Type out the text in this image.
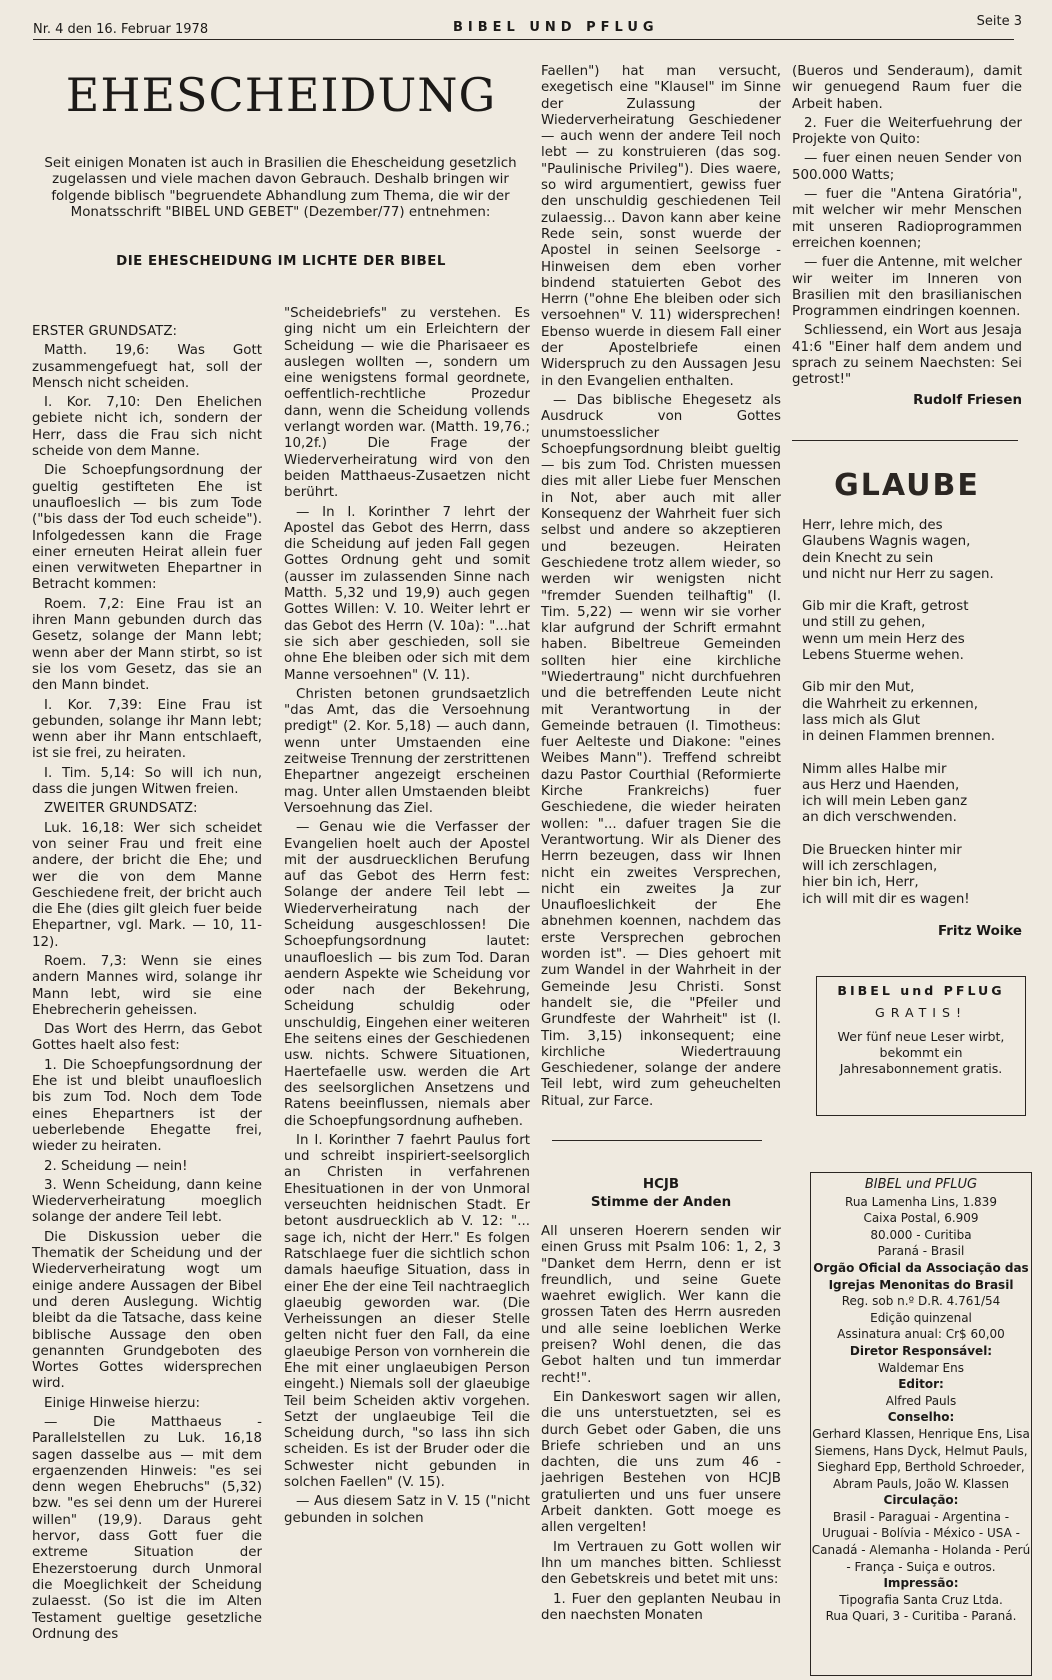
Nr. 4 den 16. Februar 1978	BIBEL UND PFLUG	Seite 3
EHESCHEIDUNG
Seit einigen Monaten ist auch in Brasilien die Ehescheidung gesetzlich zugelassen und viele machen davon Gebrauch. Deshalb bringen wir folgende biblisch "begruendete Abhandlung zum Thema, die wir der Monatsschrift "BIBEL UND GEBET" (Dezember/77) entnehmen:
DIE EHESCHEIDUNG IM LICHTE DER BIBEL

ERSTER GRUNDSATZ:

Matth. 19,6: Was Gott zusammengefuegt hat, soll der Mensch nicht scheiden.

I. Kor. 7,10: Den Ehelichen gebiete nicht ich, sondern der Herr, dass die Frau sich nicht scheide von dem Manne.

Die Schoepfungsordnung der gueltig gestifteten Ehe ist unaufloeslich — bis zum Tode ("bis dass der Tod euch scheide"). Infolgedessen kann die Frage einer erneuten Heirat allein fuer einen verwitweten Ehepartner in Betracht kommen:

Roem. 7,2: Eine Frau ist an ihren Mann gebunden durch das Gesetz, solange der Mann lebt; wenn aber der Mann stirbt, so ist sie los vom Gesetz, das sie an den Mann bindet.

I. Kor. 7,39: Eine Frau ist gebunden, solange ihr Mann lebt; wenn aber ihr Mann entschlaeft, ist sie frei, zu heiraten.

I. Tim. 5,14: So will ich nun, dass die jungen Witwen freien.

ZWEITER GRUNDSATZ:

Luk. 16,18: Wer sich scheidet von seiner Frau und freit eine andere, der bricht die Ehe; und wer die von dem Manne Geschiedene freit, der bricht auch die Ehe (dies gilt gleich fuer beide Ehepartner, vgl. Mark. — 10, 11-12).

Roem. 7,3: Wenn sie eines andern Mannes wird, solange ihr Mann lebt, wird sie eine Ehebrecherin geheissen.

Das Wort des Herrn, das Gebot Gottes haelt also fest:

1. Die Schoepfungsordnung der Ehe ist und bleibt unaufloeslich bis zum Tod. Noch dem Tode eines Ehepartners ist der ueberlebende Ehegatte frei, wieder zu heiraten.

2. Scheidung — nein!

3. Wenn Scheidung, dann keine Wiederverheiratung moeglich solange der andere Teil lebt.

Die Diskussion ueber die Thematik der Scheidung und der Wiederverheiratung wogt um einige andere Aussagen der Bibel und deren Auslegung. Wichtig bleibt da die Tatsache, dass keine biblische Aussage den oben genannten Grundgeboten des Wortes Gottes widersprechen wird.

Einige Hinweise hierzu:

— Die Matthaeus - Parallelstellen zu Luk. 16,18 sagen dasselbe aus — mit dem ergaenzenden Hinweis: "es sei denn wegen Ehebruchs" (5,32) bzw. "es sei denn um der Hurerei willen" (19,9). Daraus geht hervor, dass Gott fuer die extreme Situation der Ehezerstoerung durch Unmoral die Moeglichkeit der Scheidung zulaesst. (So ist die im Alten Testament gueltige gesetzliche Ordnung des

"Scheidebriefs" zu verstehen. Es ging nicht um ein Erleichtern der Scheidung — wie die Pharisaeer es auslegen wollten —, sondern um eine wenigstens formal geordnete, oeffentlich-rechtliche Prozedur dann, wenn die Scheidung vollends verlangt worden war. (Matth. 19,76.; 10,2f.) Die Frage der Wiederverheiratung wird von den beiden Matthaeus-Zusaetzen nicht berührt.

— In I. Korinther 7 lehrt der Apostel das Gebot des Herrn, dass die Scheidung auf jeden Fall gegen Gottes Ordnung geht und somit (ausser im zulassenden Sinne nach Matth. 5,32 und 19,9) auch gegen Gottes Willen: V. 10. Weiter lehrt er das Gebot des Herrn (V. 10a): "...hat sie sich aber geschieden, soll sie ohne Ehe bleiben oder sich mit dem Manne versoehnen" (V. 11).

Christen betonen grundsaetzlich "das Amt, das die Versoehnung predigt" (2. Kor. 5,18) — auch dann, wenn unter Umstaenden eine zeitweise Trennung der zerstrittenen Ehepartner angezeigt erscheinen mag. Unter allen Umstaenden bleibt Versoehnung das Ziel.

— Genau wie die Verfasser der Evangelien hoelt auch der Apostel mit der ausdruecklichen Berufung auf das Gebot des Herrn fest: Solange der andere Teil lebt — Wiederverheiratung nach der Scheidung ausgeschlossen! Die Schoepfungsordnung lautet: unaufloeslich — bis zum Tod. Daran aendern Aspekte wie Scheidung vor oder nach der Bekehrung, Scheidung schuldig oder unschuldig, Eingehen einer weiteren Ehe seitens eines der Geschiedenen usw. nichts. Schwere Situationen, Haertefaelle usw. werden die Art des seelsorglichen Ansetzens und Ratens beeinflussen, niemals aber die Schoepfungsordnung aufheben.

In I. Korinther 7 faehrt Paulus fort und schreibt inspiriert-seelsorglich an Christen in verfahrenen Ehesituationen in der von Unmoral verseuchten heidnischen Stadt. Er betont ausdruecklich ab V. 12: "... sage ich, nicht der Herr." Es folgen Ratschlaege fuer die sichtlich schon damals haeufige Situation, dass in einer Ehe der eine Teil nachtraeglich glaeubig geworden war. (Die Verheissungen an dieser Stelle gelten nicht fuer den Fall, da eine glaeubige Person von vornherein die Ehe mit einer unglaeubigen Person eingeht.) Niemals soll der glaeubige Teil beim Scheiden aktiv vorgehen. Setzt der unglaeubige Teil die Scheidung durch, "so lass ihn sich scheiden. Es ist der Bruder oder die Schwester nicht gebunden in solchen Faellen" (V. 15).

— Aus diesem Satz in V. 15 ("nicht gebunden in solchen

Faellen") hat man versucht, exegetisch eine "Klausel" im Sinne der Zulassung der Wiederverheiratung Geschiedener — auch wenn der andere Teil noch lebt — zu konstruieren (das sog. "Paulinische Privileg"). Dies waere, so wird argumentiert, gewiss fuer den unschuldig geschiedenen Teil zulaessig... Davon kann aber keine Rede sein, sonst wuerde der Apostel in seinen Seelsorge - Hinweisen dem eben vorher bindend statuierten Gebot des Herrn ("ohne Ehe bleiben oder sich versoehnen" V. 11) widersprechen! Ebenso wuerde in diesem Fall einer der Apostelbriefe einen Widerspruch zu den Aussagen Jesu in den Evangelien enthalten.

— Das biblische Ehegesetz als Ausdruck von Gottes unumstoesslicher Schoepfungsordnung bleibt gueltig — bis zum Tod. Christen muessen dies mit aller Liebe fuer Menschen in Not, aber auch mit aller Konsequenz der Wahrheit fuer sich selbst und andere so akzeptieren und bezeugen. Heiraten Geschiedene trotz allem wieder, so werden wir wenigsten nicht "fremder Suenden teilhaftig" (I. Tim. 5,22) — wenn wir sie vorher klar aufgrund der Schrift ermahnt haben. Bibeltreue Gemeinden sollten hier eine kirchliche "Wiedertraung" nicht durchfuehren und die betreffenden Leute nicht mit Verantwortung in der Gemeinde betrauen (I. Timotheus: fuer Aelteste und Diakone: "eines Weibes Mann"). Treffend schreibt dazu Pastor Courthial (Reformierte Kirche Frankreichs) fuer Geschiedene, die wieder heiraten wollen: "... dafuer tragen Sie die Verantwortung. Wir als Diener des Herrn bezeugen, dass wir Ihnen nicht ein zweites Versprechen, nicht ein zweites Ja zur Unaufloeslichkeit der Ehe abnehmen koennen, nachdem das erste Versprechen gebrochen worden ist". — Dies gehoert mit zum Wandel in der Wahrheit in der Gemeinde Jesu Christi. Sonst handelt sie, die "Pfeiler und Grundfeste der Wahrheit" ist (I. Tim. 3,15) inkonsequent; eine kirchliche Wiedertrauung Geschiedener, solange der andere Teil lebt, wird zum geheuchelten Ritual, zur Farce.

HCJB
Stimme der Anden

All unseren Hoerern senden wir einen Gruss mit Psalm 106: 1, 2, 3 "Danket dem Herrn, denn er ist freundlich, und seine Guete waehret ewiglich. Wer kann die grossen Taten des Herrn ausreden und alle seine loeblichen Werke preisen? Wohl denen, die das Gebot halten und tun immerdar recht!".

Ein Dankeswort sagen wir allen, die uns unterstuetzten, sei es durch Gebet oder Gaben, die uns Briefe schrieben und an uns dachten, die uns zum 46 - jaehrigen Bestehen von HCJB gratulierten und uns fuer unsere Arbeit dankten. Gott moege es allen vergelten!

Im Vertrauen zu Gott wollen wir Ihn um manches bitten. Schliesst den Gebetskreis und betet mit uns:

1. Fuer den geplanten Neubau in den naechsten Monaten

(Bueros und Senderaum), damit wir genuegend Raum fuer die Arbeit haben.

2. Fuer die Weiterfuehrung der Projekte von Quito:

— fuer einen neuen Sender von 500.000 Watts;

— fuer die "Antena Giratória", mit welcher wir mehr Menschen mit unseren Radioprogrammen erreichen koennen;

— fuer die Antenne, mit welcher wir weiter im Inneren von Brasilien mit den brasilianischen Programmen eindringen koennen.

Schliessend, ein Wort aus Jesaja 41:6 "Einer half dem andem und sprach zu seinem Naechsten: Sei getrost!"

Rudolf Friesen

GLAUBE
Herr, lehre mich, des
Glaubens Wagnis wagen,
dein Knecht zu sein
und nicht nur Herr zu sagen.
Gib mir die Kraft, getrost
und still zu gehen,
wenn um mein Herz des
Lebens Stuerme wehen.
Gib mir den Mut,
die Wahrheit zu erkennen,
lass mich als Glut
in deinen Flammen brennen.
Nimm alles Halbe mir
aus Herz und Haenden,
ich will mein Leben ganz
an dich verschwenden.
Die Bruecken hinter mir
will ich zerschlagen,
hier bin ich, Herr,
ich will mit dir es wagen!
Fritz Woike
BIBEL und PFLUG
GRATIS!
Wer fünf neue Leser wirbt, bekommt ein Jahresabonnement gratis.
BIBEL und PFLUG
Rua Lamenha Lins, 1.839
Caixa Postal, 6.909
80.000 - Curitiba
Paraná - Brasil
Orgão Oficial da Associação das Igrejas Menonitas do Brasil
Reg. sob n.º D.R. 4.761/54
Edição quinzenal
Assinatura anual: Cr$ 60,00
Diretor Responsável:
Waldemar Ens
Editor:
Alfred Pauls
Conselho:
Gerhard Klassen, Henrique Ens, Lisa Siemens, Hans Dyck, Helmut Pauls, Sieghard Epp, Berthold Schroeder, Abram Pauls, João W. Klassen
Circulação:
Brasil - Paraguai - Argentina - Uruguai - Bolívia - México - USA - Canadá - Alemanha - Holanda - Perú - França - Suiça e outros.
Impressão:
Tipografia Santa Cruz Ltda.
Rua Quari, 3 - Curitiba - Paraná.
